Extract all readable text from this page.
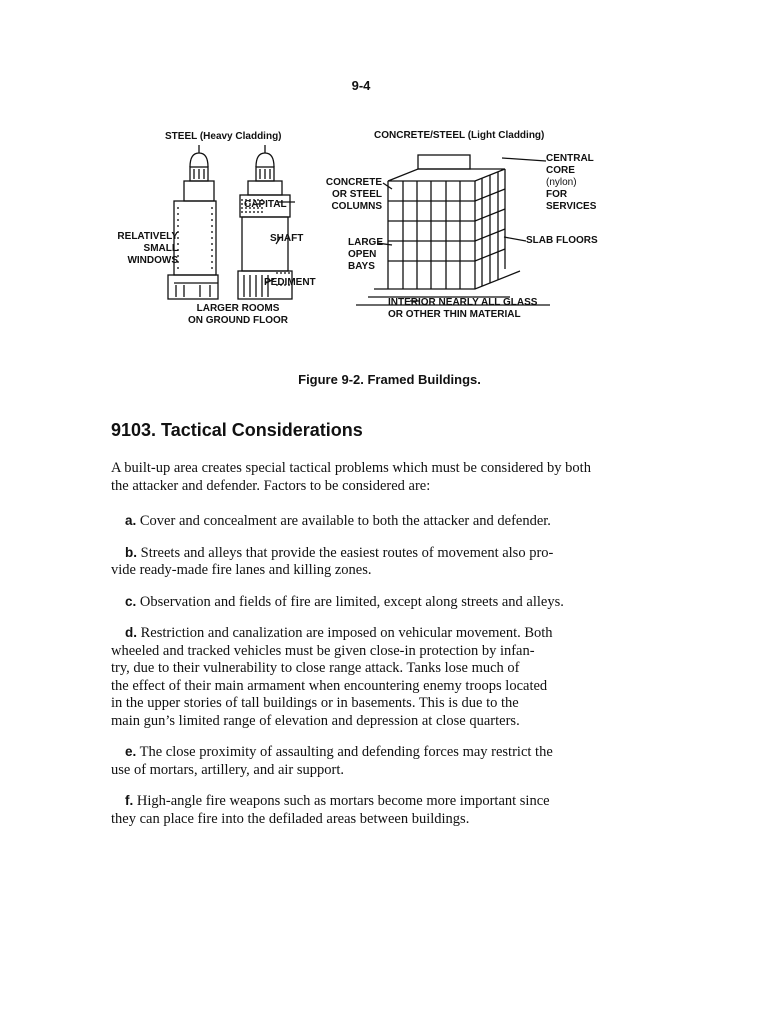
9-4
STEEL (Heavy Cladding)	CONCRETE/STEEL (Light Cladding)
CAPITAL
SHAFT
PEDIMENT
RELATIVELY
SMALL
WINDOWS
LARGER ROOMS
ON GROUND FLOOR
CONCRETE
OR STEEL
COLUMNS
LARGE
OPEN
BAYS
CENTRAL
CORE
(nylon)
FOR
SERVICES
SLAB FLOORS
INTERIOR NEARLY ALL GLASS
OR OTHER THIN MATERIAL
Figure 9-2. Framed Buildings.
9103. Tactical Considerations

A built-up area creates special tactical problems which must be considered by both the attacker and defender. Factors to be considered are:

a. Cover and concealment are available to both the attacker and defender.
b. Streets and alleys that provide the easiest routes of movement also pro-
vide ready-made fire lanes and killing zones.
c. Observation and fields of fire are limited, except along streets and alleys.
d. Restriction and canalization are imposed on vehicular movement. Both
wheeled and tracked vehicles must be given close-in protection by infan-
try, due to their vulnerability to close range attack. Tanks lose much of
the effect of their main armament when encountering enemy troops located
in the upper stories of tall buildings or in basements. This is due to the
main gun’s limited range of elevation and depression at close quarters.
e. The close proximity of assaulting and defending forces may restrict the
use of mortars, artillery, and air support.
f. High-angle fire weapons such as mortars become more important since
they can place fire into the defiladed areas between buildings.
